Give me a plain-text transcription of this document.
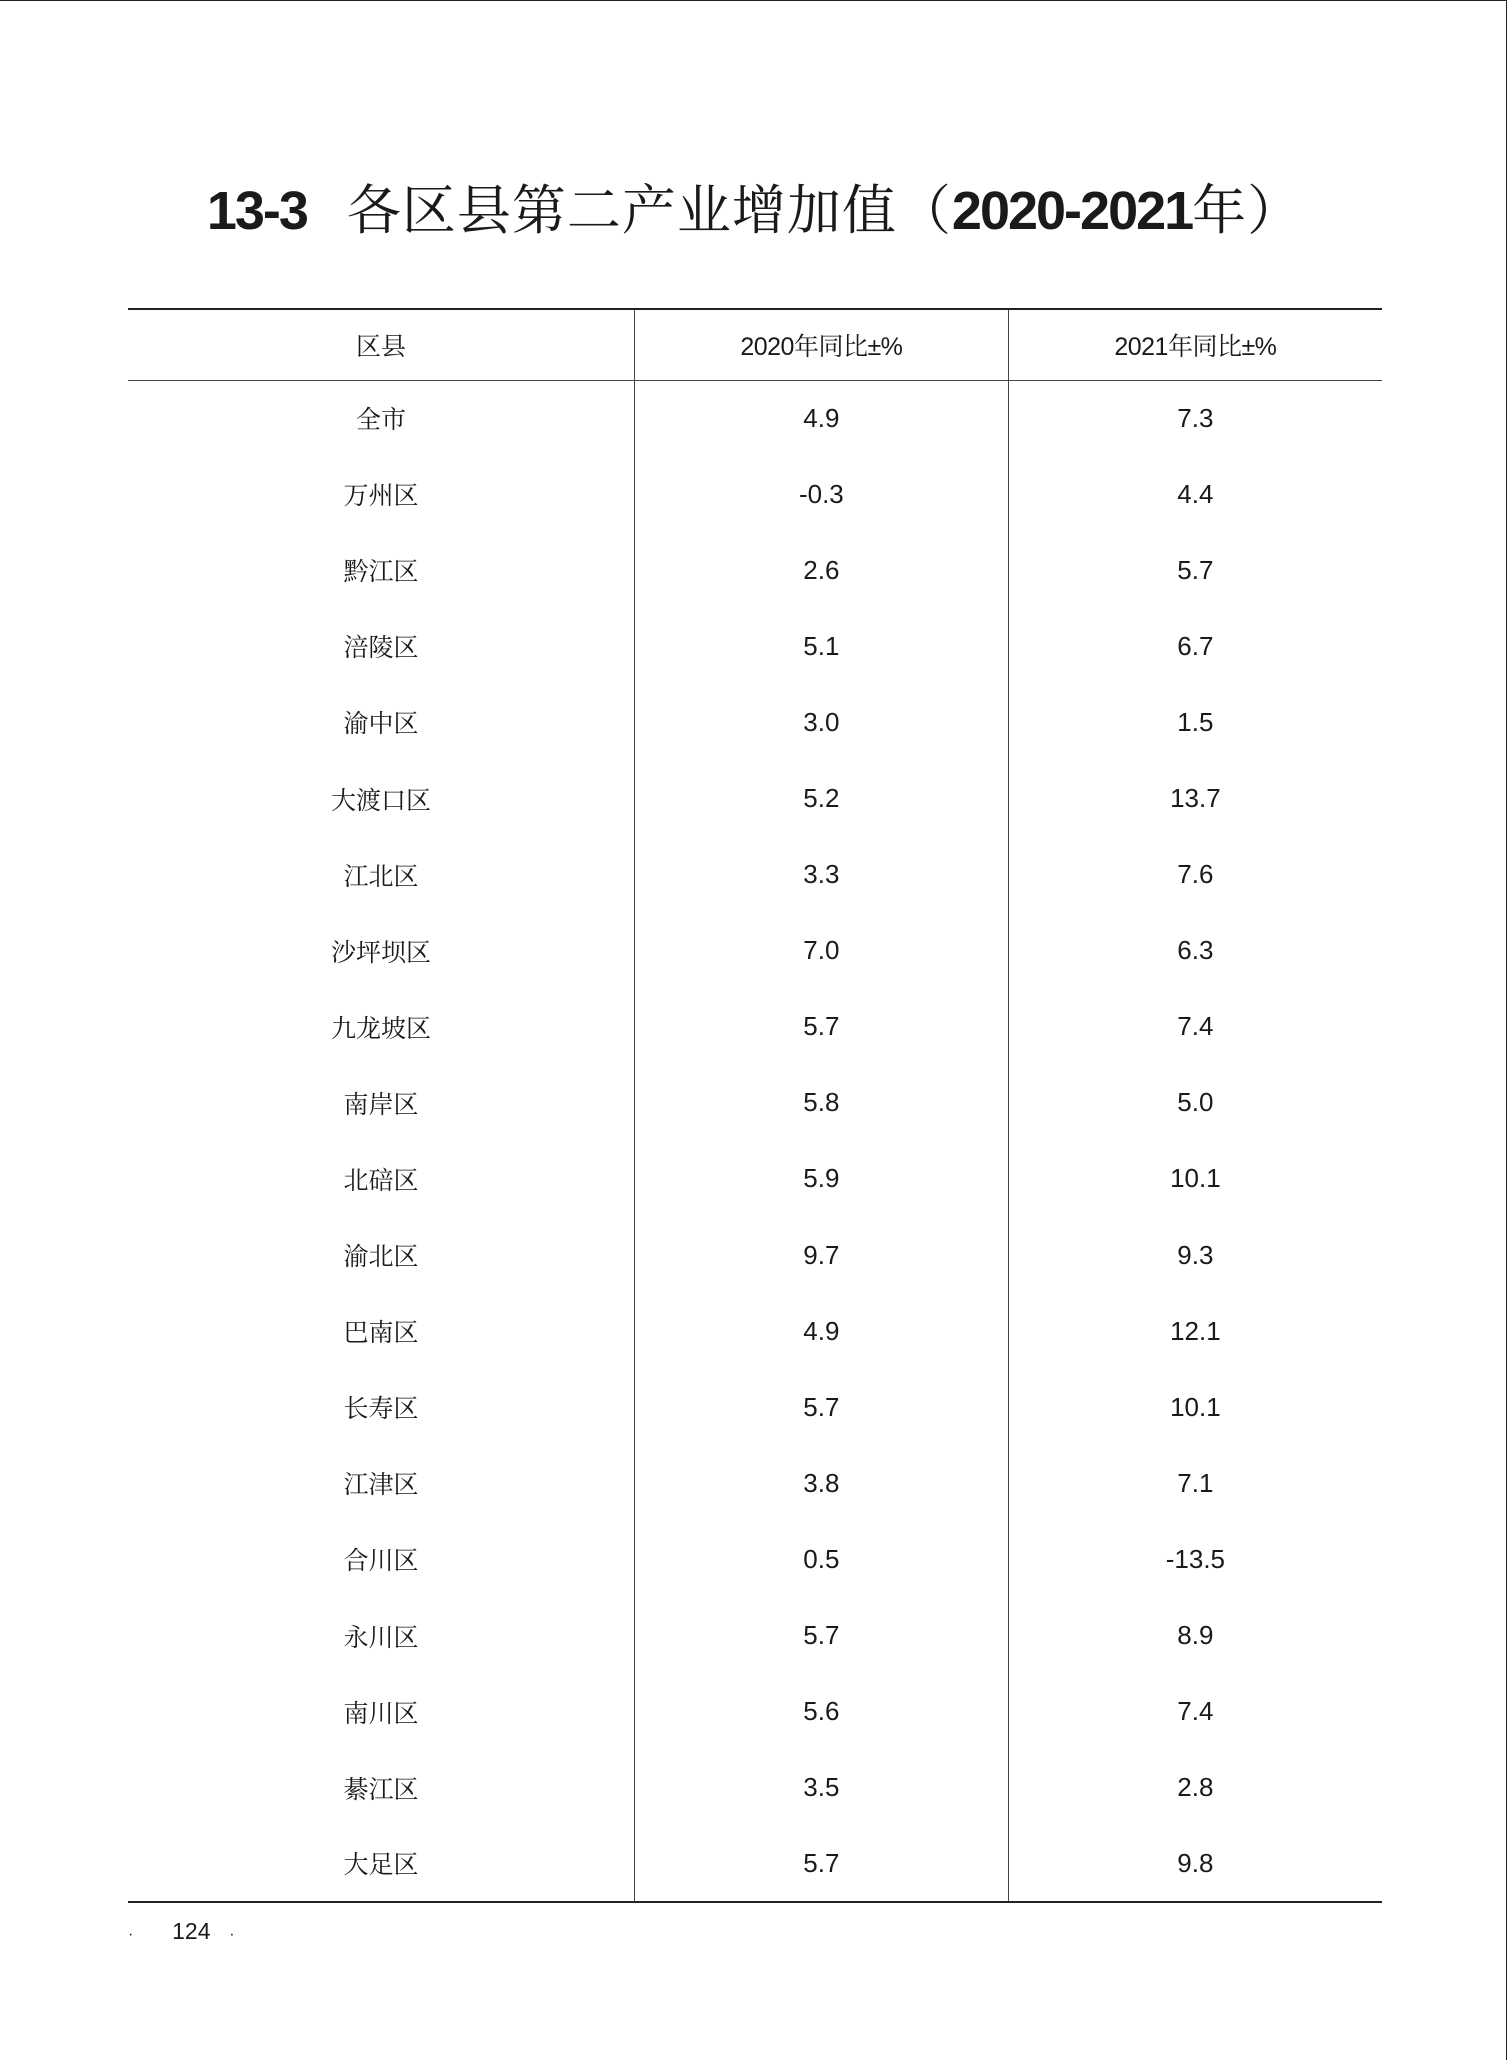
13-3 各区县第二产业增加值（2020-2021年）
区县	2020年同比±%	2021年同比±%
全市	4.9	7.3
万州区	-0.3	4.4
黔江区	2.6	5.7
涪陵区	5.1	6.7
渝中区	3.0	1.5
大渡口区	5.2	13.7
江北区	3.3	7.6
沙坪坝区	7.0	6.3
九龙坡区	5.7	7.4
南岸区	5.8	5.0
北碚区	5.9	10.1
渝北区	9.7	9.3
巴南区	4.9	12.1
长寿区	5.7	10.1
江津区	3.8	7.1
合川区	0.5	-13.5
永川区	5.7	8.9
南川区	5.6	7.4
綦江区	3.5	2.8
大足区	5.7	9.8
· 124 ·
